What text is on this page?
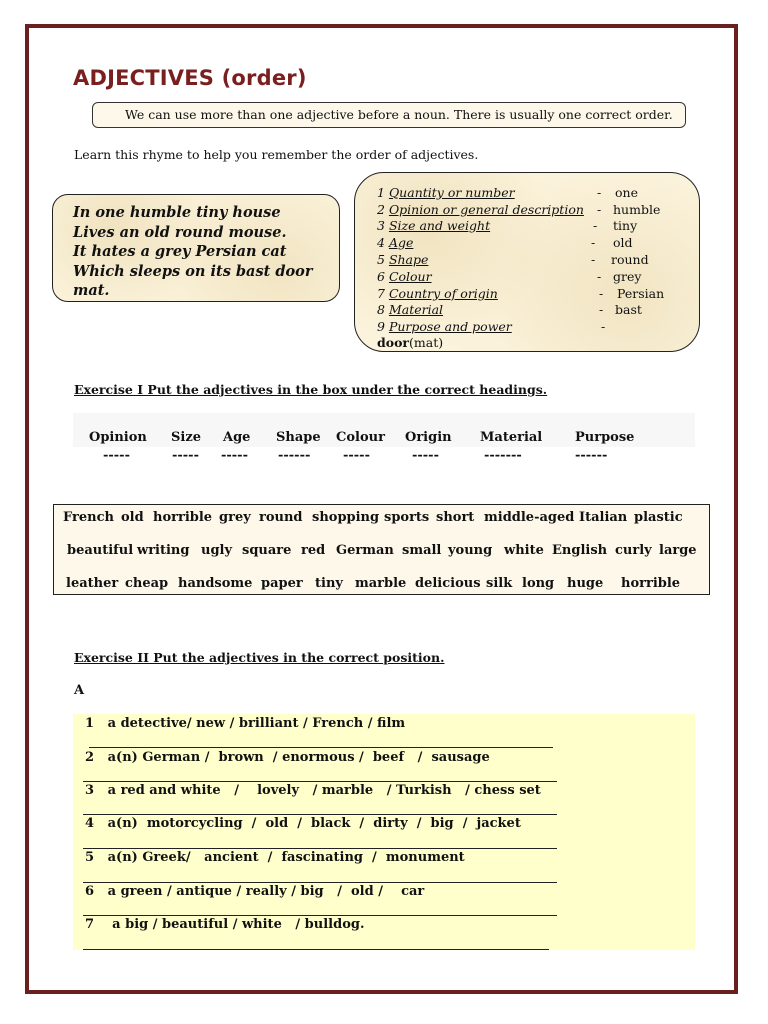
ADJECTIVES (order)
We can use more than one adjective before a noun. There is usually one correct order.
Learn this rhyme to help you remember the order of adjectives.
In one humble tiny house
Lives an old round mouse.
It hates a grey Persian cat
Which sleeps on its bast door
mat.
1 Quantity or number	- one
2 Opinion or general description - humble
3 Size and weight	- tiny
4 Age	- old
5 Shape	- round
6 Colour	- grey
7 Country of origin	- Persian
8 Material	- bast
9 Purpose and power	-
door(mat)
Exercise I Put the adjectives in the box under the correct headings.
Opinion Size Age Shape Colour Origin Material	Purpose
-----	----- ----- ------	-----	-----	-------	------
French old horrible grey round shopping sports short middle-aged Italian plastic
beautiful writing ugly square red German small young white English curly large
leather cheap handsome paper tiny marble delicious silk long huge horrible
Exercise II Put the adjectives in the correct position.
A
1   a detective/ new / brilliant / French / film
2   a(n) German /  brown  / enormous /  beef   /  sausage
3   a red and white   /    lovely   / marble   / Turkish   / chess set
4   a(n)  motorcycling  /  old  /  black  /  dirty  /  big  /  jacket
5   a(n) Greek/   ancient  /  fascinating  /  monument
6   a green / antique / really / big   /  old /    car
7    a big / beautiful / white   / bulldog.
